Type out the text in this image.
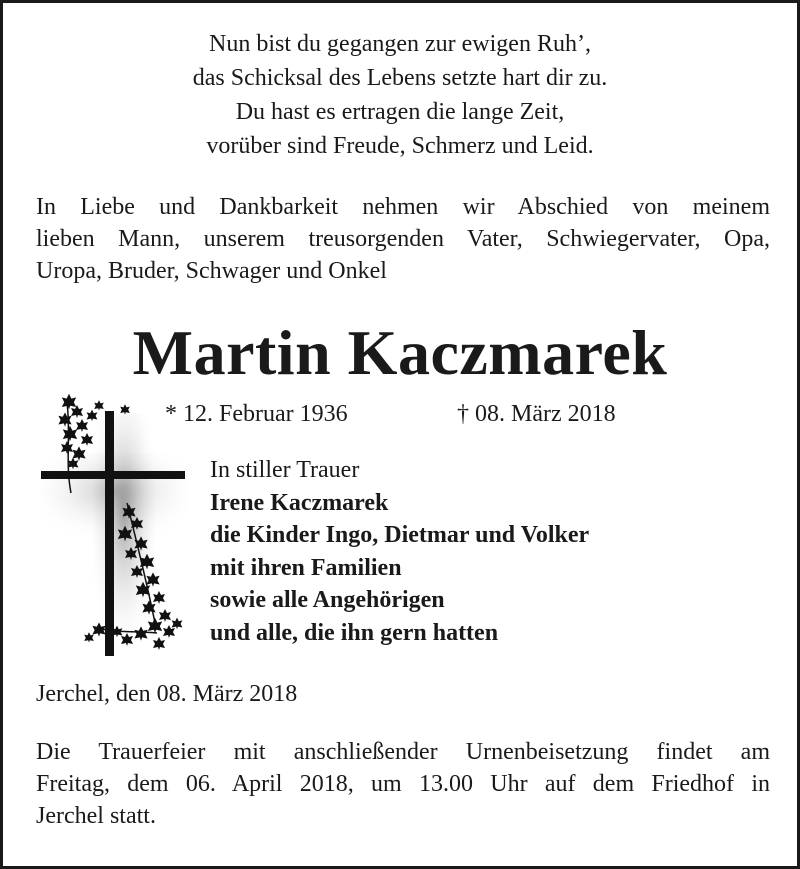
Nun bist du gegangen zur ewigen Ruh’,
das Schicksal des Lebens setzte hart dir zu.
Du hast es ertragen die lange Zeit,
vorüber sind Freude, Schmerz und Leid.
In Liebe und Dankbarkeit nehmen wir Abschied von meinem
lieben Mann, unserem treusorgenden Vater, Schwiegervater, Opa,
Uropa, Bruder, Schwager und Onkel
Martin Kaczmarek
* 12. Februar 1936	† 08. März 2018
In stiller Trauer
Irene Kaczmarek
die Kinder Ingo, Dietmar und Volker
mit ihren Familien
sowie alle Angehörigen
und alle, die ihn gern hatten
Jerchel, den 08. März 2018
Die Trauerfeier mit anschließender Urnenbeisetzung findet am
Freitag, dem 06. April 2018, um 13.00 Uhr auf dem Friedhof in
Jerchel statt.
